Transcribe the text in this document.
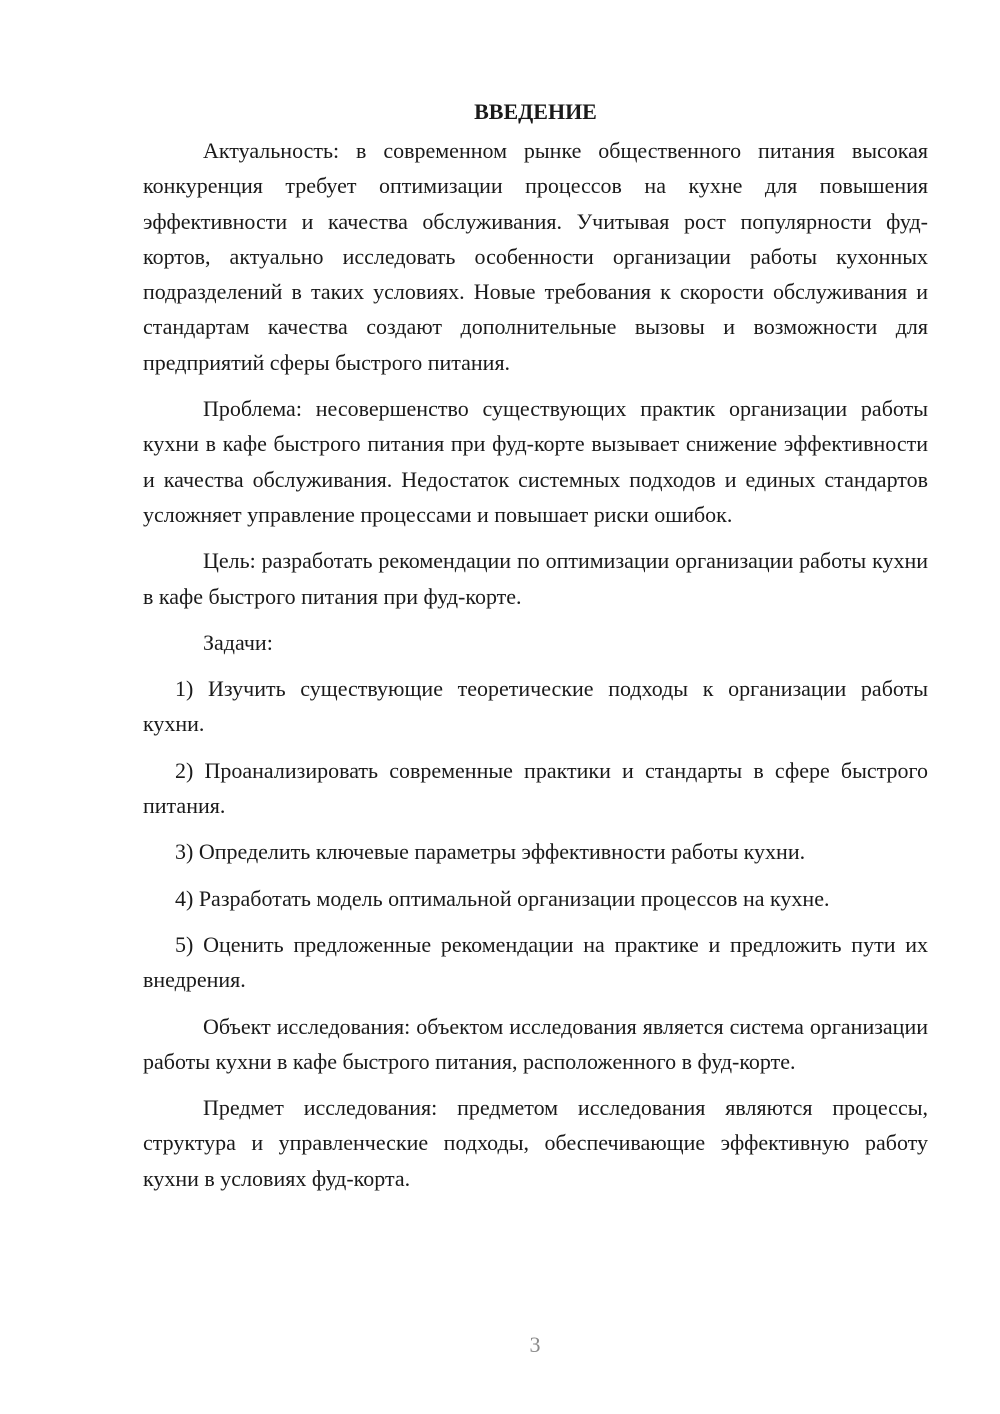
ВВЕДЕНИЕ

Актуальность: в современном рынке общественного питания высокая конкуренция требует оптимизации процессов на кухне для повышения эффективности и качества обслуживания. Учитывая рост популярности фуд-кортов, актуально исследовать особенности организации работы кухонных подразделений в таких условиях. Новые требования к скорости обслуживания и стандартам качества создают дополнительные вызовы и возможности для предприятий сферы быстрого питания.

Проблема: несовершенство существующих практик организации работы кухни в кафе быстрого питания при фуд-корте вызывает снижение эффективности и качества обслуживания. Недостаток системных подходов и единых стандартов усложняет управление процессами и повышает риски ошибок.

Цель: разработать рекомендации по оптимизации организации работы кухни в кафе быстрого питания при фуд-корте.

Задачи:

1) Изучить существующие теоретические подходы к организации работы кухни.

2) Проанализировать современные практики и стандарты в сфере быстрого питания.

3) Определить ключевые параметры эффективности работы кухни.

4) Разработать модель оптимальной организации процессов на кухне.

5) Оценить предложенные рекомендации на практике и предложить пути их внедрения.

Объект исследования: объектом исследования является система организации работы кухни в кафе быстрого питания, расположенного в фуд-корте.

Предмет исследования: предметом исследования являются процессы, структура и управленческие подходы, обеспечивающие эффективную работу кухни в условиях фуд-корта.

3
